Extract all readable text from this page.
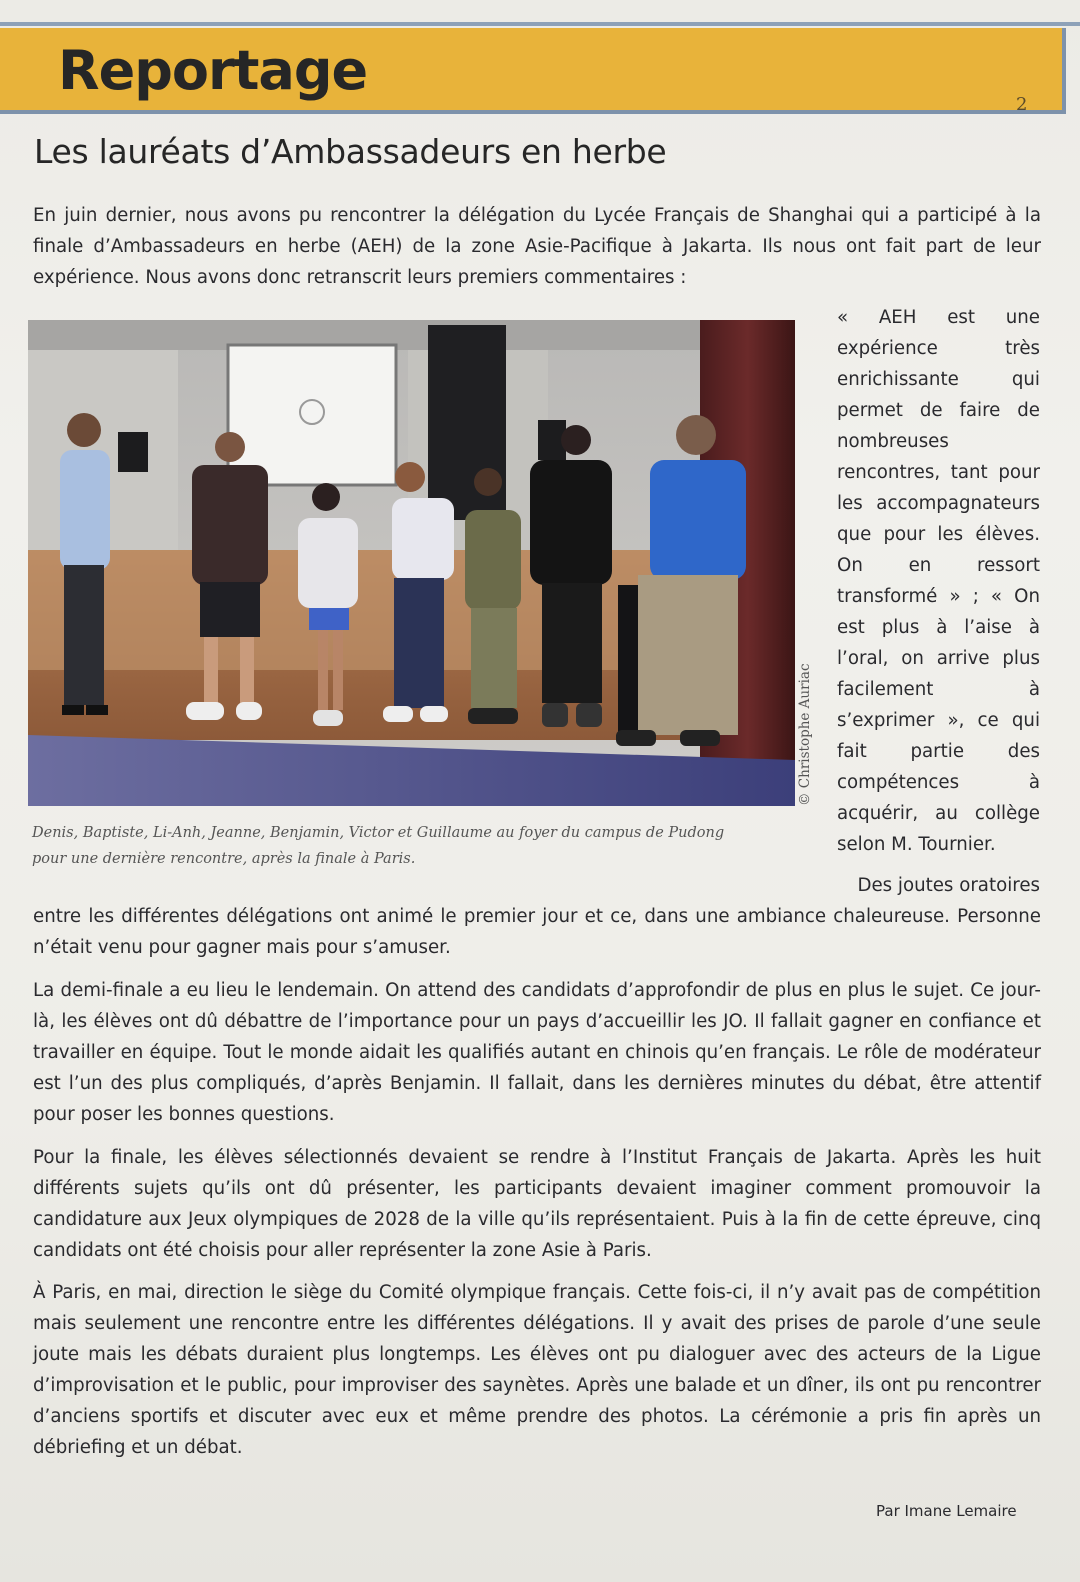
Reportage
2
Les lauréats d’Ambassadeurs en herbe

En juin dernier, nous avons pu rencontrer la délégation du Lycée Français de Shanghai qui a participé à la finale d’Ambassadeurs en herbe (AEH) de la zone Asie-Pacifique à Jakarta. Ils nous ont fait part de leur expérience. Nous avons donc retranscrit leurs premiers commentaires :

© Christophe Auriac
Denis, Baptiste, Li-Anh, Jeanne, Benjamin, Victor et Guillaume au foyer du campus de Pudong
pour une dernière rencontre, après la finale à Paris.

« AEH est une expérience très enrichissante qui permet de faire de nombreuses rencontres, tant pour les accompagnateurs que pour les élèves. On en ressort transformé » ; « On est plus à l’aise à l’oral, on arrive plus facilement à s’exprimer », ce qui fait partie des compétences à acquérir, au collège selon M. Tournier.

Des joutes oratoires

entre les différentes délégations ont animé le premier jour et ce, dans une ambiance chaleureuse. Personne n’était venu pour gagner mais pour s’amuser.

La demi-finale a eu lieu le lendemain. On attend des candidats d’approfondir de plus en plus le sujet. Ce jour-là, les élèves ont dû débattre de l’importance pour un pays d’accueillir les JO. Il fallait gagner en confiance et travailler en équipe. Tout le monde aidait les qualifiés autant en chinois qu’en français. Le rôle de modérateur est l’un des plus compliqués, d’après Benjamin. Il fallait, dans les dernières minutes du débat, être attentif pour poser les bonnes questions.

Pour la finale, les élèves sélectionnés devaient se rendre à l’Institut Français de Jakarta. Après les huit différents sujets qu’ils ont dû présenter, les participants devaient imaginer comment promouvoir la candidature aux Jeux olympiques de 2028 de la ville qu’ils représentaient. Puis à la fin de cette épreuve, cinq candidats ont été choisis pour aller représenter la zone Asie à Paris.

À Paris, en mai, direction le siège du Comité olympique français. Cette fois-ci, il n’y avait pas de compétition mais seulement une rencontre entre les différentes délégations. Il y avait des prises de parole d’une seule joute mais les débats duraient plus longtemps. Les élèves ont pu dialoguer avec des acteurs de la Ligue d’improvisation et le public, pour improviser des saynètes. Après une balade et un dîner, ils ont pu rencontrer d’anciens sportifs et discuter avec eux et même prendre des photos. La cérémonie a pris fin après un débriefing et un débat.

Par Imane Lemaire
